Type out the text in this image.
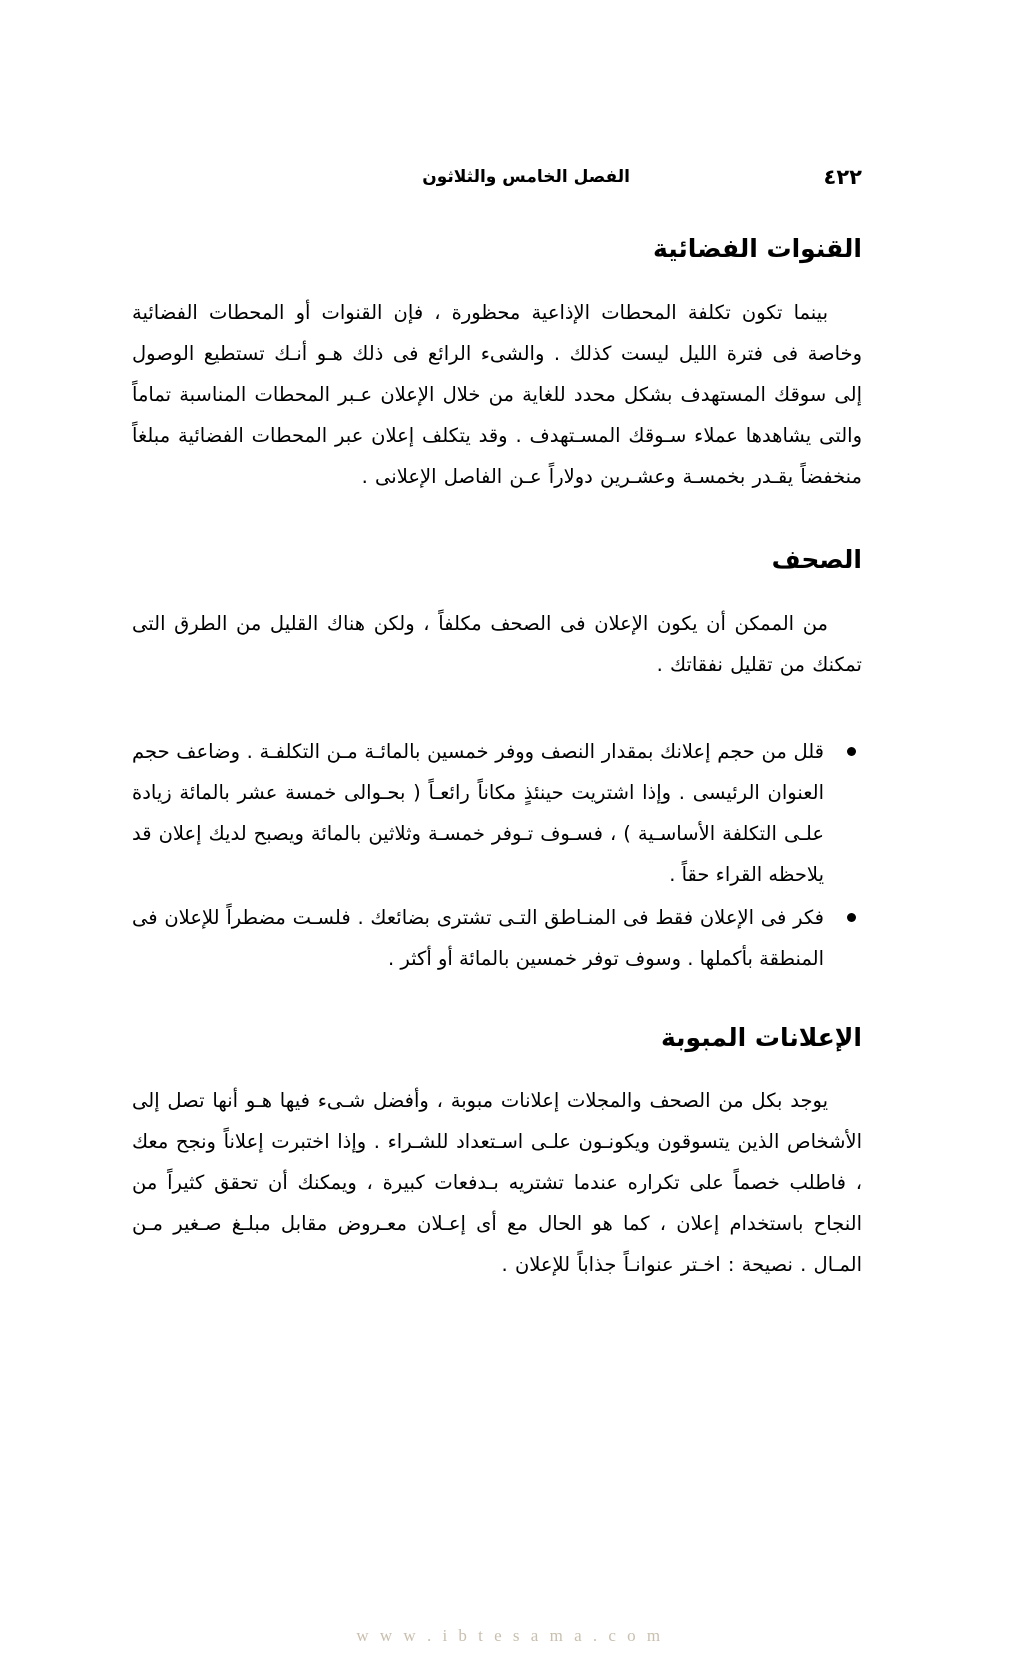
٤٢٢
الفصل الخامس والثلاثون
القنوات الفضائية

بينما تكون تكلفة المحطات الإذاعية محظورة ، فإن القنوات أو المحطات الفضائية وخاصة فى فترة الليل ليست كذلك . والشىء الرائع فى ذلك هـو أنـك تستطيع الوصول إلى سوقك المستهدف بشكل محدد للغاية من خلال الإعلان عـبر المحطات المناسبة تماماً والتى يشاهدها عملاء سـوقك المسـتهدف . وقد يتكلف إعلان عبر المحطات الفضائية مبلغاً منخفضاً يقـدر بخمسـة وعشـرين دولاراً عـن الفاصل الإعلانى .

الصحف

من الممكن أن يكون الإعلان فى الصحف مكلفاً ، ولكن هناك القليل من الطرق التى تمكنك من تقليل نفقاتك .

قلل من حجم إعلانك بمقدار النصف ووفر خمسين بالمائـة مـن التكلفـة . وضاعف حجم العنوان الرئيسى . وإذا اشتريت حينئذٍ مكاناً رائعـاً ( بحـوالى خمسة عشر بالمائة زيادة علـى التكلفة الأساسـية ) ، فسـوف تـوفر خمسـة وثلاثين بالمائة ويصبح لديك إعلان قد يلاحظه القراء حقاً .
فكر فى الإعلان فقط فى المنـاطق التـى تشترى بضائعك . فلسـت مضطراً للإعلان فى المنطقة بأكملها . وسوف توفر خمسين بالمائة أو أكثر .
الإعلانات المبوبة

يوجد بكل من الصحف والمجلات إعلانات مبوبة ، وأفضل شـىء فيها هـو أنها تصل إلى الأشخاص الذين يتسوقون ويكونـون علـى اسـتعداد للشـراء . وإذا اختبرت إعلاناً ونجح معك ، فاطلب خصماً على تكراره عندما تشتريه بـدفعات كبيرة ، ويمكنك أن تحقق كثيراً من النجاح باستخدام إعلان ، كما هو الحال مع أى إعـلان معـروض مقابل مبلـغ صـغير مـن المـال . نصيحة : اخـتر عنوانـاً جذاباً للإعلان .

w w w . i b t e s a m a . c o m
